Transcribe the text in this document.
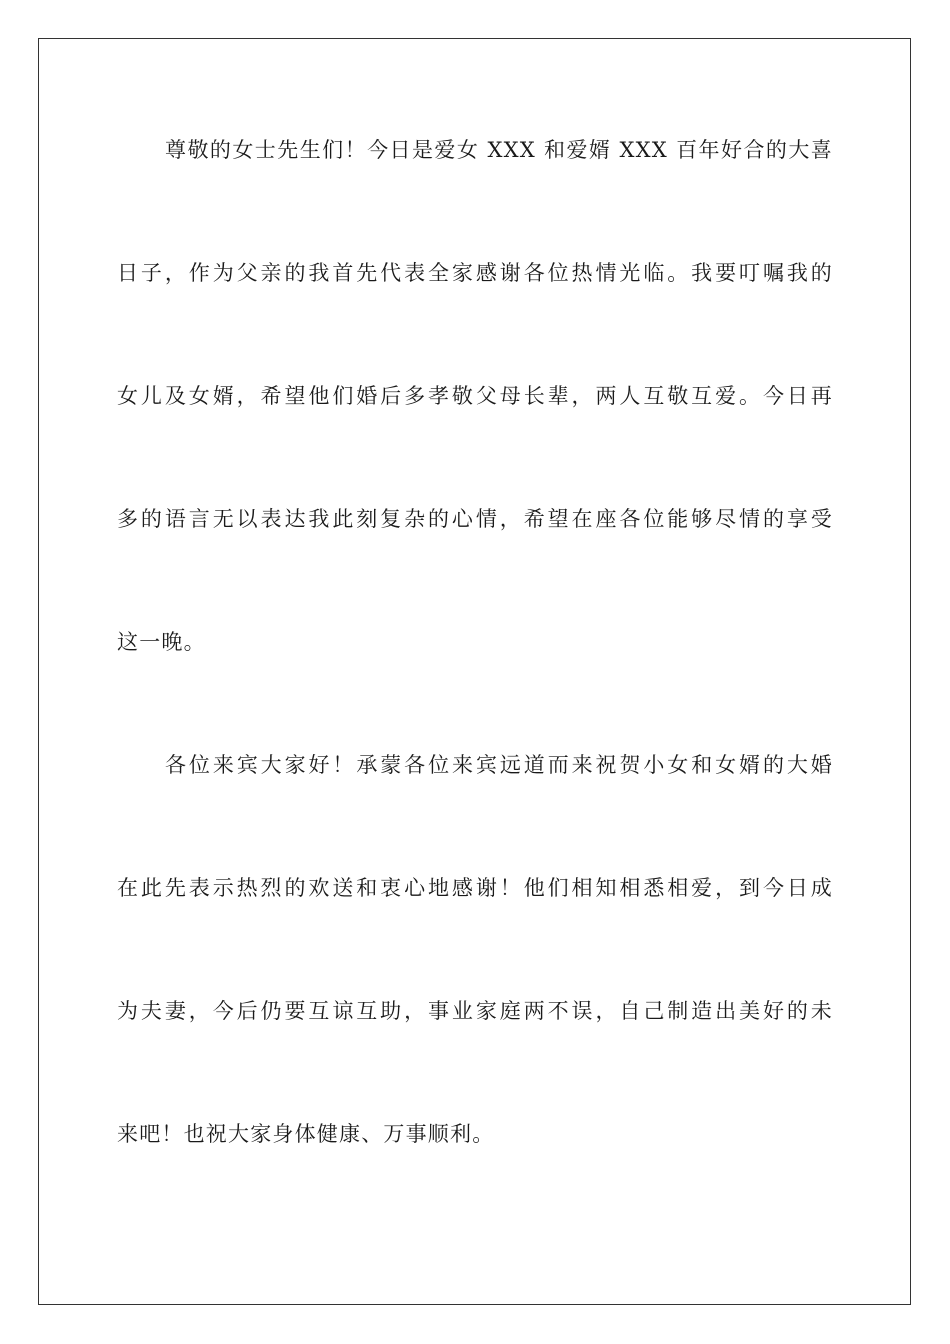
尊敬的女士先生们！今日是爱女 XXX 和爱婿 XXX 百年好合的大喜
日子，作为父亲的我首先代表全家感谢各位热情光临。我要叮嘱我的
女儿及女婿，希望他们婚后多孝敬父母长辈，两人互敬互爱。今日再
多的语言无以表达我此刻复杂的心情，希望在座各位能够尽情的享受
这一晚。
各位来宾大家好！承蒙各位来宾远道而来祝贺小女和女婿的大婚
在此先表示热烈的欢送和衷心地感谢！他们相知相悉相爱，到今日成
为夫妻，今后仍要互谅互助，事业家庭两不误，自己制造出美好的未
来吧！也祝大家身体健康、万事顺利。
